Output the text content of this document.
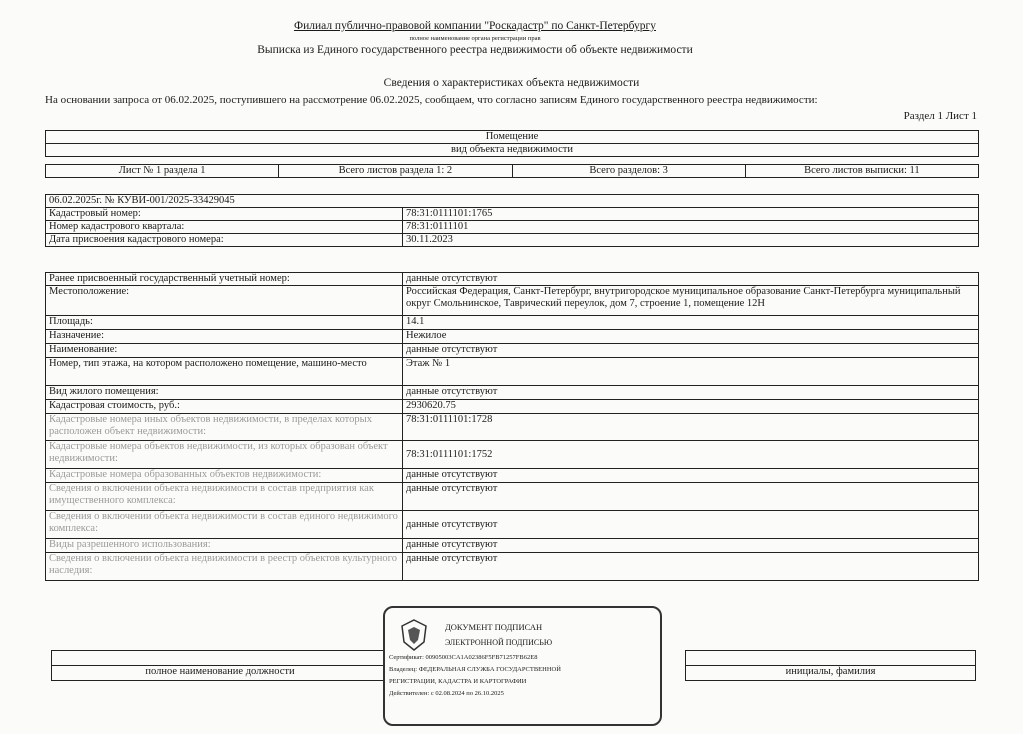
Филиал публично-правовой компании "Роскадастр" по Санкт-Петербургу
полное наименование органа регистрации прав
Выписка из Единого государственного реестра недвижимости об объекте недвижимости
Сведения о характеристиках объекта недвижимости
На основании запроса от 06.02.2025, поступившего на рассмотрение 06.02.2025, сообщаем, что согласно записям Единого государственного реестра недвижимости:
Раздел 1 Лист 1
Помещение
вид объекта недвижимости
Лист № 1 раздела 1	Всего листов раздела 1: 2	Всего разделов: 3	Всего листов выписки: 11
06.02.2025г. № КУВИ-001/2025-33429045	
Кадастровый номер:	78:31:0111101:1765
Номер кадастрового квартала:	78:31:0111101
Дата присвоения кадастрового номера:	30.11.2023
Ранее присвоенный государственный учетный номер:	данные отсутствуют
Местоположение:	Российская Федерация, Санкт-Петербург, внутригородское муниципальное образование Санкт-Петербурга муниципальный округ Смольнинское, Таврический переулок, дом 7, строение 1, помещение 12Н
Площадь:	14.1
Назначение:	Нежилое
Наименование:	данные отсутствуют
Номер, тип этажа, на котором расположено помещение, машино-место	Этаж № 1
Вид жилого помещения:	данные отсутствуют
Кадастровая стоимость, руб.:	2930620.75
Кадастровые номера иных объектов недвижимости, в пределах которых расположен объект недвижимости:	78:31:0111101:1728
Кадастровые номера объектов недвижимости, из которых образован объект недвижимости:	78:31:0111101:1752
Кадастровые номера образованных объектов недвижимости:	данные отсутствуют
Сведения о включении объекта недвижимости в состав предприятия как имущественного комплекса:	данные отсутствуют
Сведения о включении объекта недвижимости в состав единого недвижимого комплекса:	данные отсутствуют
Виды разрешенного использования:	данные отсутствуют
Сведения о включении объекта недвижимости в реестр объектов культурного наследия:	данные отсутствуют

полное наименование должности		инициалы, фамилия
ДОКУМЕНТ ПОДПИСАН
ЭЛЕКТРОННОЙ ПОДПИСЬЮ
Сертификат: 00905003CA1A02386F5FB71257FB62E8
Владелец: ФЕДЕРАЛЬНАЯ СЛУЖБА ГОСУДАРСТВЕННОЙ
РЕГИСТРАЦИИ, КАДАСТРА И КАРТОГРАФИИ
Действителен: с 02.08.2024 по 26.10.2025
